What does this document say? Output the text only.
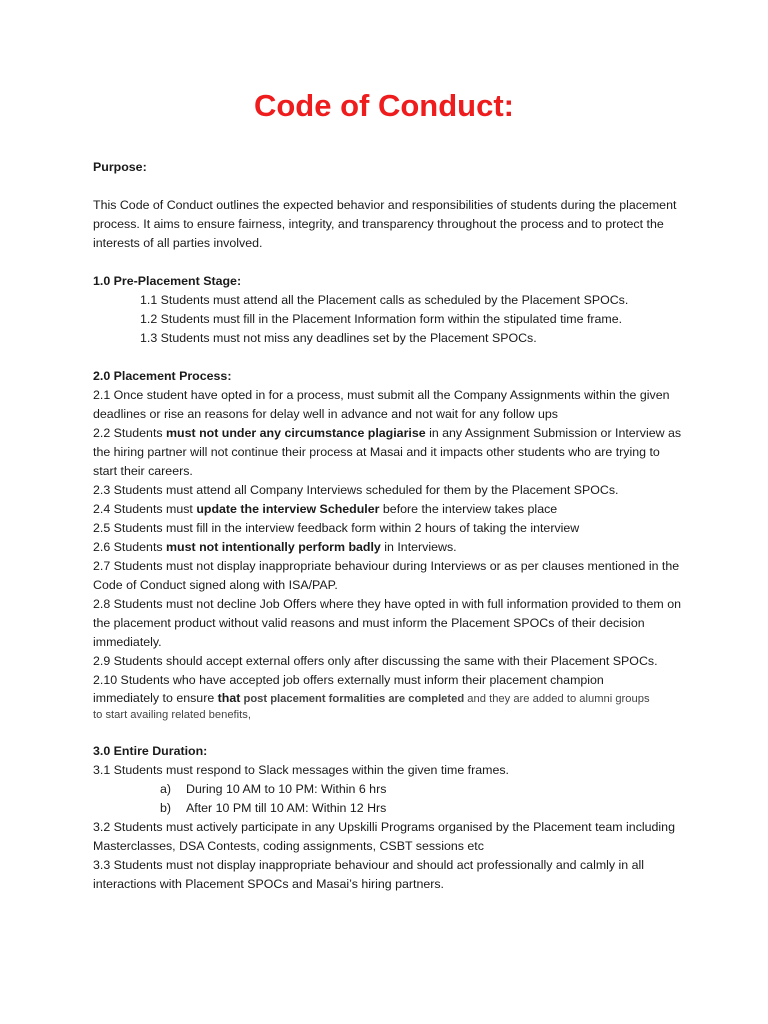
Code of Conduct:

Purpose:

This Code of Conduct outlines the expected behavior and responsibilities of students during the placement process. It aims to ensure fairness, integrity, and transparency throughout the process and to protect the interests of all parties involved.

1.0 Pre-Placement Stage:

1.1 Students must attend all the Placement calls as scheduled by the Placement SPOCs.

1.2 Students must fill in the Placement Information form within the stipulated time frame.

1.3 Students must not miss any deadlines set by the Placement SPOCs.

2.0 Placement Process:

2.1 Once student have opted in for a process, must submit all the Company Assignments within the given deadlines or rise an reasons for delay well in advance and not wait for any follow ups

2.2 Students must not under any circumstance plagiarise in any Assignment Submission or Interview as the hiring partner will not continue their process at Masai and it impacts other students who are trying to start their careers.

2.3 Students must attend all Company Interviews scheduled for them by the Placement SPOCs.

2.4 Students must update the interview Scheduler before the interview takes place

2.5 Students must fill in the interview feedback form within 2 hours of taking the interview

2.6 Students must not intentionally perform badly in Interviews.

2.7 Students must not display inappropriate behaviour during Interviews or as per clauses mentioned in the Code of Conduct signed along with ISA/PAP.

2.8 Students must not decline Job Offers where they have opted in with full information provided to them on the placement product without valid reasons and must inform the Placement SPOCs of their decision immediately.

2.9 Students should accept external offers only after discussing the same with their Placement SPOCs.

2.10 Students who have accepted job offers externally must inform their placement champion

immediately to ensure that post placement formalities are completed and they are added to alumni groups

to start availing related benefits,

3.0 Entire Duration:

3.1 Students must respond to Slack messages within the given time frames.

a)	During 10 AM to 10 PM: Within 6 hrs
b)	After 10 PM till 10 AM: Within 12 Hrs

3.2 Students must actively participate in any Upskilli Programs organised by the Placement team including Masterclasses, DSA Contests, coding assignments, CSBT sessions etc

3.3 Students must not display inappropriate behaviour and should act professionally and calmly in all interactions with Placement SPOCs and Masai’s hiring partners.
